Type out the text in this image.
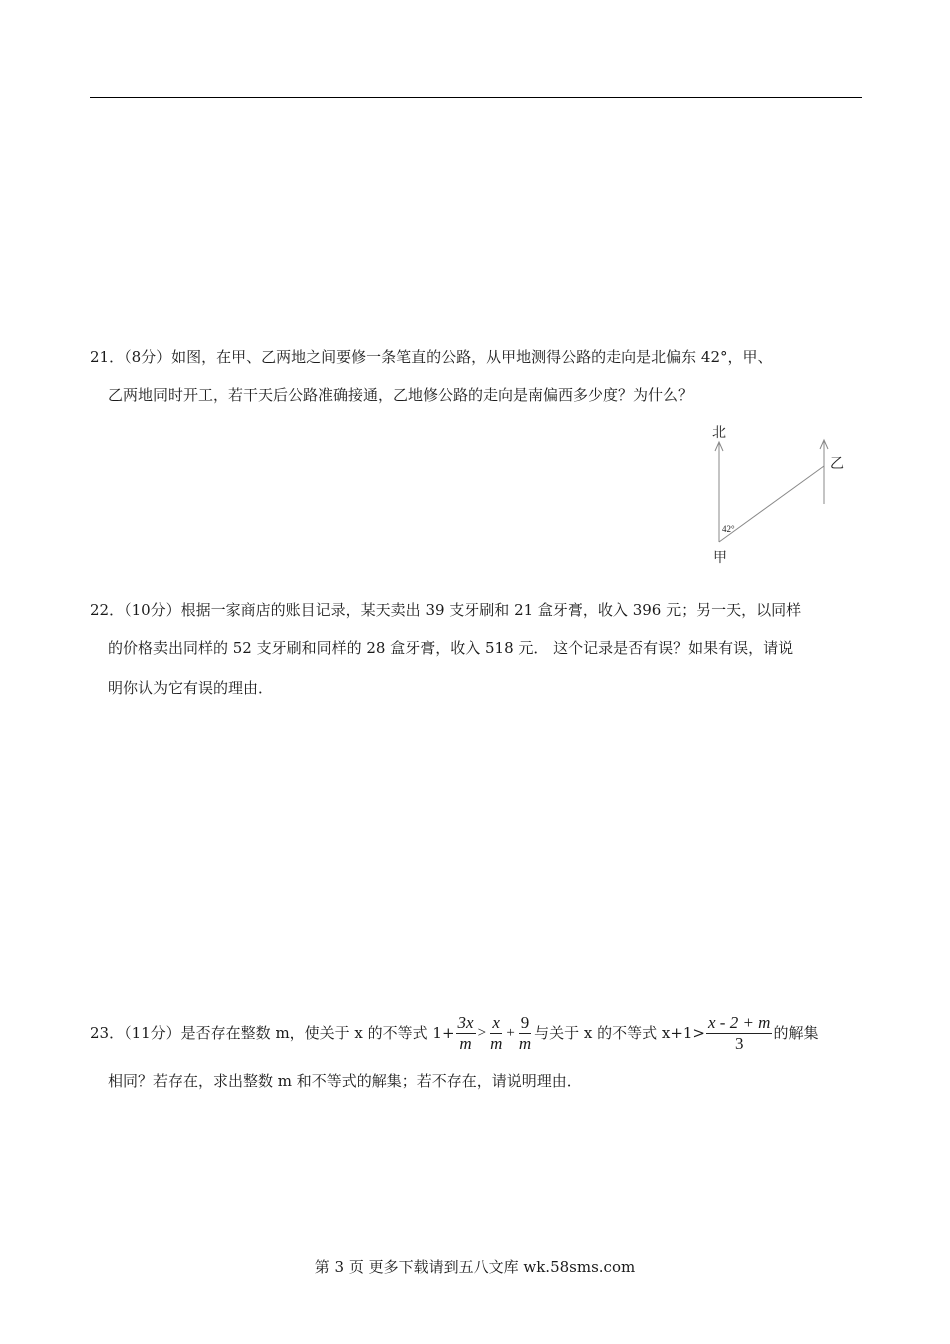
21．（8分）如图，在甲、乙两地之间要修一条笔直的公路，从甲地测得公路的走向是北偏东 42°，甲、
乙两地同时开工，若干天后公路准确接通，乙地修公路的走向是南偏西多少度？为什么？
北
乙
甲
42°
22．（10分）根据一家商店的账目记录，某天卖出 39 支牙刷和 21 盒牙膏，收入 396 元；另一天，以同样
的价格卖出同样的 52 支牙刷和同样的 28 盒牙膏，收入 518 元． 这个记录是否有误？如果有误，请说
明你认为它有误的理由．
23．（11分）是否存在整数 m，使关于 x 的不等式 $1+ \frac{3x}{m} > \frac{x}{m} + \frac{9}{m}$ 与关于 x 的不等式 $x+1> \frac{x - 2 + m}{3}$ 的解集
相同？若存在，求出整数 m 和不等式的解集；若不存在，请说明理由．
第 3 页 更多下载请到五八文库 wk.58sms.com
